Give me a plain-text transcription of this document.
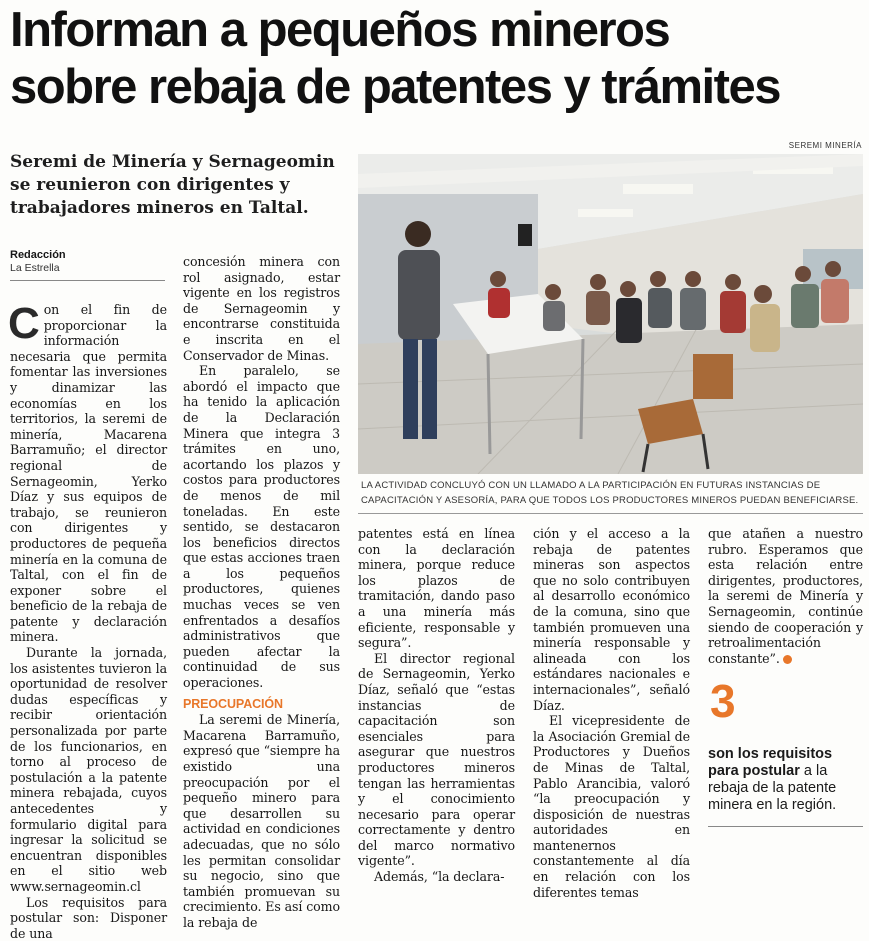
Informan a pequeños mineros
sobre rebaja de patentes y trámites
SEREMI MINERÍA
Seremi de Minería y Sernageomin se reunieron con dirigentes y trabajadores mineros en Taltal.
Redacción
La Estrella

Con el fin de proporcionar la información necesaria que permita fomentar las inversiones y dinamizar las economías en los territorios, la seremi de minería, Macarena Barramuño; el director regional de Sernageomin, Yerko Díaz y sus equipos de trabajo, se reunieron con dirigentes y productores de pequeña minería en la comuna de Taltal, con el fin de exponer sobre el beneficio de la rebaja de patente y declaración minera.

Durante la jornada, los asistentes tuvieron la oportunidad de resolver dudas específicas y recibir orientación personalizada por parte de los funcionarios, en torno al proceso de postulación a la patente minera rebajada, cuyos antecedentes y formulario digital para ingresar la solicitud se encuentran disponibles en el sitio web www.sernageomin.cl

Los requisitos para postular son: Disponer de una

concesión minera con rol asignado, estar vigente en los registros de Sernageomin y encontrarse constituida e inscrita en el Conservador de Minas.

En paralelo, se abordó el impacto que ha tenido la aplicación de la Declaración Minera que integra 3 trámites en uno, acortando los plazos y costos para productores de menos de mil toneladas. En este sentido, se destacaron los beneficios directos que estas acciones traen a los pequeños productores, quienes muchas veces se ven enfrentados a desafíos administrativos que pueden afectar la continuidad de sus operaciones.

PREOCUPACIÓN

La seremi de Minería, Macarena Barramuño, expresó que “siempre ha existido una preocupación por el pequeño minero para que desarrollen su actividad en condiciones adecuadas, que no sólo les permitan consolidar su negocio, sino que también promuevan su crecimiento. Es así como la rebaja de

LA ACTIVIDAD CONCLUYÓ CON UN LLAMADO A LA PARTICIPACIÓN EN FUTURAS INSTANCIAS DE CAPACITACIÓN Y ASESORÍA, PARA QUE TODOS LOS PRODUCTORES MINEROS PUEDAN BENEFICIARSE.

patentes está en línea con la declaración minera, porque reduce los plazos de tramitación, dando paso a una minería más eficiente, responsable y segura”.

El director regional de Sernageomin, Yerko Díaz, señaló que “estas instancias de capacitación son esenciales para asegurar que nuestros productores mineros tengan las herramientas y el conocimiento necesario para operar correctamente y dentro del marco normativo vigente”.

Además, “la declara-

ción y el acceso a la rebaja de patentes mineras son aspectos que no solo contribuyen al desarrollo económico de la comuna, sino que también promueven una minería responsable y alineada con los estándares nacionales e internacionales”, señaló Díaz.

El vicepresidente de la Asociación Gremial de Productores y Dueños de Minas de Taltal, Pablo Arancibia, valoró “la preocupación y disposición de nuestras autoridades en mantenernos constantemente al día en relación con los diferentes temas

que atañen a nuestro rubro. Esperamos que esta relación entre dirigentes, productores, la seremi de Minería y Sernageomin, continúe siendo de cooperación y retroalimentación constante”.

3
son los requisitos para postular a la rebaja de la patente minera en la región.
